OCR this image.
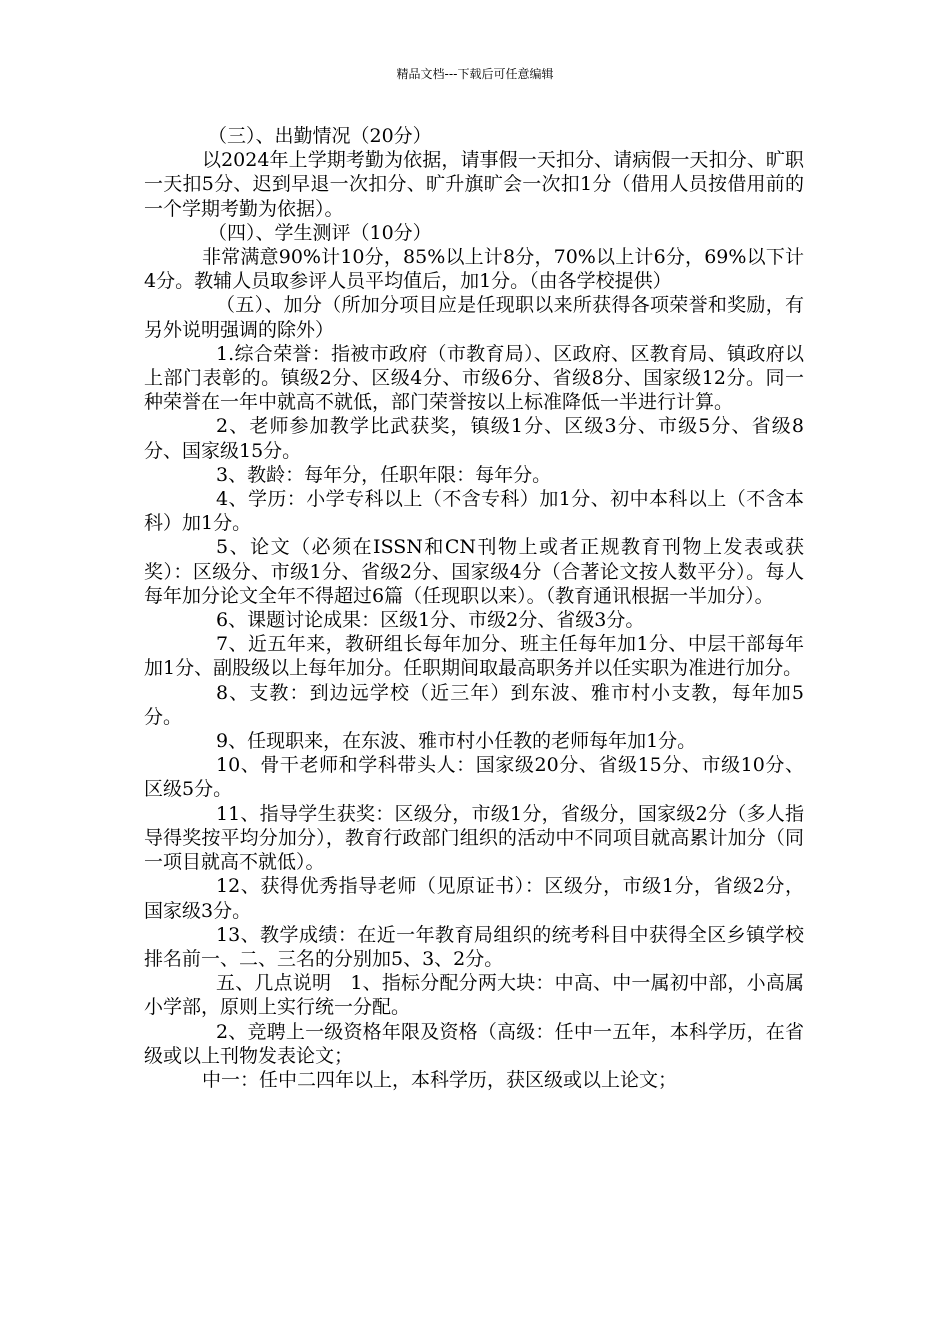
精品文档---下载后可任意编辑

（三）、出勤情况（20分）

以2024年上学期考勤为依据，请事假一天扣分、请病假一天扣分、旷职一天扣5分、迟到早退一次扣分、旷升旗旷会一次扣1分（借用人员按借用前的一个学期考勤为依据）。

（四）、学生测评（10分）

非常满意90%计10分，85%以上计8分，70%以上计6分，69%以下计4分。教辅人员取参评人员平均值后，加1分。（由各学校提供）

（五）、加分（所加分项目应是任现职以来所获得各项荣誉和奖励，有另外说明强调的除外）

1.综合荣誉：指被市政府（市教育局）、区政府、区教育局、镇政府以上部门表彰的。镇级2分、区级4分、市级6分、省级8分、国家级12分。同一种荣誉在一年中就高不就低，部门荣誉按以上标准降低一半进行计算。

2、老师参加教学比武获奖，镇级1分、区级3分、市级5分、省级8分、国家级15分。

3、教龄：每年分，任职年限：每年分。

4、学历：小学专科以上（不含专科）加1分、初中本科以上（不含本科）加1分。

5、论文（必须在ISSN和CN刊物上或者正规教育刊物上发表或获奖）：区级分、市级1分、省级2分、国家级4分（合著论文按人数平分）。每人每年加分论文全年不得超过6篇（任现职以来）。（教育通讯根据一半加分）。

6、课题讨论成果：区级1分、市级2分、省级3分。

7、近五年来，教研组长每年加分、班主任每年加1分、中层干部每年加1分、副股级以上每年加分。任职期间取最高职务并以任实职为准进行加分。

8、支教：到边远学校（近三年）到东波、雅市村小支教，每年加5分。

9、任现职来，在东波、雅市村小任教的老师每年加1分。

10、骨干老师和学科带头人：国家级20分、省级15分、市级10分、区级5分。

11、指导学生获奖：区级分，市级1分，省级分，国家级2分（多人指导得奖按平均分加分），教育行政部门组织的活动中不同项目就高累计加分（同一项目就高不就低）。

12、获得优秀指导老师（见原证书）：区级分，市级1分，省级2分，国家级3分。

13、教学成绩：在近一年教育局组织的统考科目中获得全区乡镇学校排名前一、二、三名的分别加5、3、2分。

五、几点说明　1、指标分配分两大块：中高、中一属初中部，小高属小学部，原则上实行统一分配。

2、竞聘上一级资格年限及资格（高级：任中一五年，本科学历，在省级或以上刊物发表论文；

中一：任中二四年以上，本科学历，获区级或以上论文；
